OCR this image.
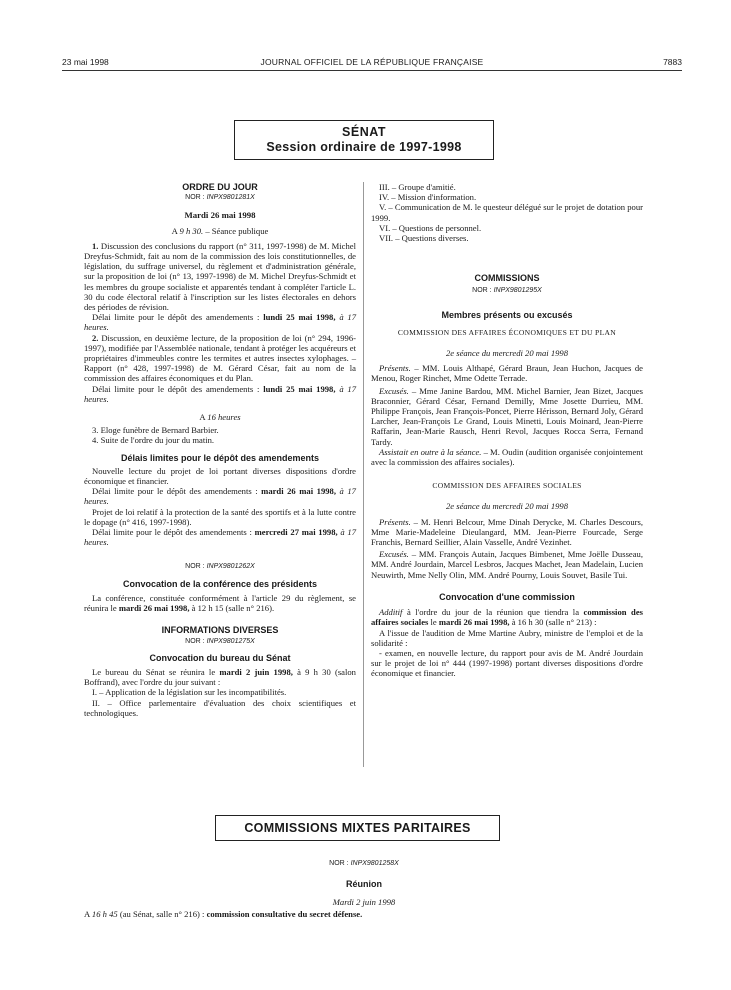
23 mai 1998	JOURNAL OFFICIEL DE LA RÉPUBLIQUE FRANÇAISE	7883
SÉNAT
Session ordinaire de 1997-1998

ORDRE DU JOUR

NOR : INPX9801281X

Mardi 26 mai 1998

A 9 h 30. – Séance publique

1. Discussion des conclusions du rapport (n° 311, 1997-1998) de M. Michel Dreyfus-Schmidt, fait au nom de la commission des lois constitutionnelles, de législation, du suffrage universel, du règlement et d'administration générale, sur la proposition de loi (n° 13, 1997-1998) de M. Michel Dreyfus-Schmidt et les membres du groupe socialiste et apparentés tendant à compléter l'article L. 30 du code électoral relatif à l'inscription sur les listes électorales en dehors des périodes de révision.

Délai limite pour le dépôt des amendements : lundi 25 mai 1998, à 17 heures.

2. Discussion, en deuxième lecture, de la proposition de loi (n° 294, 1996-1997), modifiée par l'Assemblée nationale, tendant à protéger les acquéreurs et propriétaires d'immeubles contre les termites et autres insectes xylophages. – Rapport (n° 428, 1997-1998) de M. Gérard César, fait au nom de la commission des affaires économiques et du Plan.

Délai limite pour le dépôt des amendements : lundi 25 mai 1998, à 17 heures.

A 16 heures

3. Eloge funèbre de Bernard Barbier.

4. Suite de l'ordre du jour du matin.

Délais limites pour le dépôt des amendements

Nouvelle lecture du projet de loi portant diverses dispositions d'ordre économique et financier.

Délai limite pour le dépôt des amendements : mardi 26 mai 1998, à 17 heures.

Projet de loi relatif à la protection de la santé des sportifs et à la lutte contre le dopage (n° 416, 1997-1998).

Délai limite pour le dépôt des amendements : mercredi 27 mai 1998, à 17 heures.

NOR : INPX9801262X

Convocation de la conférence des présidents

La conférence, constituée conformément à l'article 29 du règlement, se réunira le mardi 26 mai 1998, à 12 h 15 (salle n° 216).

INFORMATIONS DIVERSES

NOR : INPX9801275X

Convocation du bureau du Sénat

Le bureau du Sénat se réunira le mardi 2 juin 1998, à 9 h 30 (salon Boffrand), avec l'ordre du jour suivant :

I. – Application de la législation sur les incompatibilités.

II. – Office parlementaire d'évaluation des choix scientifiques et technologiques.

III. – Groupe d'amitié.

IV. – Mission d'information.

V. – Communication de M. le questeur délégué sur le projet de dotation pour 1999.

VI. – Questions de personnel.

VII. – Questions diverses.

COMMISSIONS

NOR : INPX9801295X

Membres présents ou excusés

COMMISSION DES AFFAIRES ÉCONOMIQUES ET DU PLAN

2e séance du mercredi 20 mai 1998

Présents. – MM. Louis Althapé, Gérard Braun, Jean Huchon, Jacques de Menou, Roger Rinchet, Mme Odette Terrade.

Excusés. – Mme Janine Bardou, MM. Michel Barnier, Jean Bizet, Jacques Braconnier, Gérard César, Fernand Demilly, Mme Josette Durrieu, MM. Philippe François, Jean François-Poncet, Pierre Hérisson, Bernard Joly, Gérard Larcher, Jean-François Le Grand, Louis Minetti, Louis Moinard, Jean-Pierre Raffarin, Jean-Marie Rausch, Henri Revol, Jacques Rocca Serra, Fernand Tardy.

Assistait en outre à la séance. – M. Oudin (audition organisée conjointement avec la commission des affaires sociales).

COMMISSION DES AFFAIRES SOCIALES

2e séance du mercredi 20 mai 1998

Présents. – M. Henri Belcour, Mme Dinah Derycke, M. Charles Descours, Mme Marie-Madeleine Dieulangard, MM. Jean-Pierre Fourcade, Serge Franchis, Bernard Seillier, Alain Vasselle, André Vezinhet.

Excusés. – MM. François Autain, Jacques Bimbenet, Mme Joëlle Dusseau, MM. André Jourdain, Marcel Lesbros, Jacques Machet, Jean Madelain, Lucien Neuwirth, Mme Nelly Olin, MM. André Pourny, Louis Souvet, Basile Tui.

Convocation d'une commission

Additif à l'ordre du jour de la réunion que tiendra la commission des affaires sociales le mardi 26 mai 1998, à 16 h 30 (salle n° 213) :

A l'issue de l'audition de Mme Martine Aubry, ministre de l'emploi et de la solidarité :

- examen, en nouvelle lecture, du rapport pour avis de M. André Jourdain sur le projet de loi n° 444 (1997-1998) portant diverses dispositions d'ordre économique et financier.

COMMISSIONS MIXTES PARITAIRES

NOR : INPX9801258X

Réunion

Mardi 2 juin 1998

A 16 h 45 (au Sénat, salle n° 216) : commission consultative du secret défense.
